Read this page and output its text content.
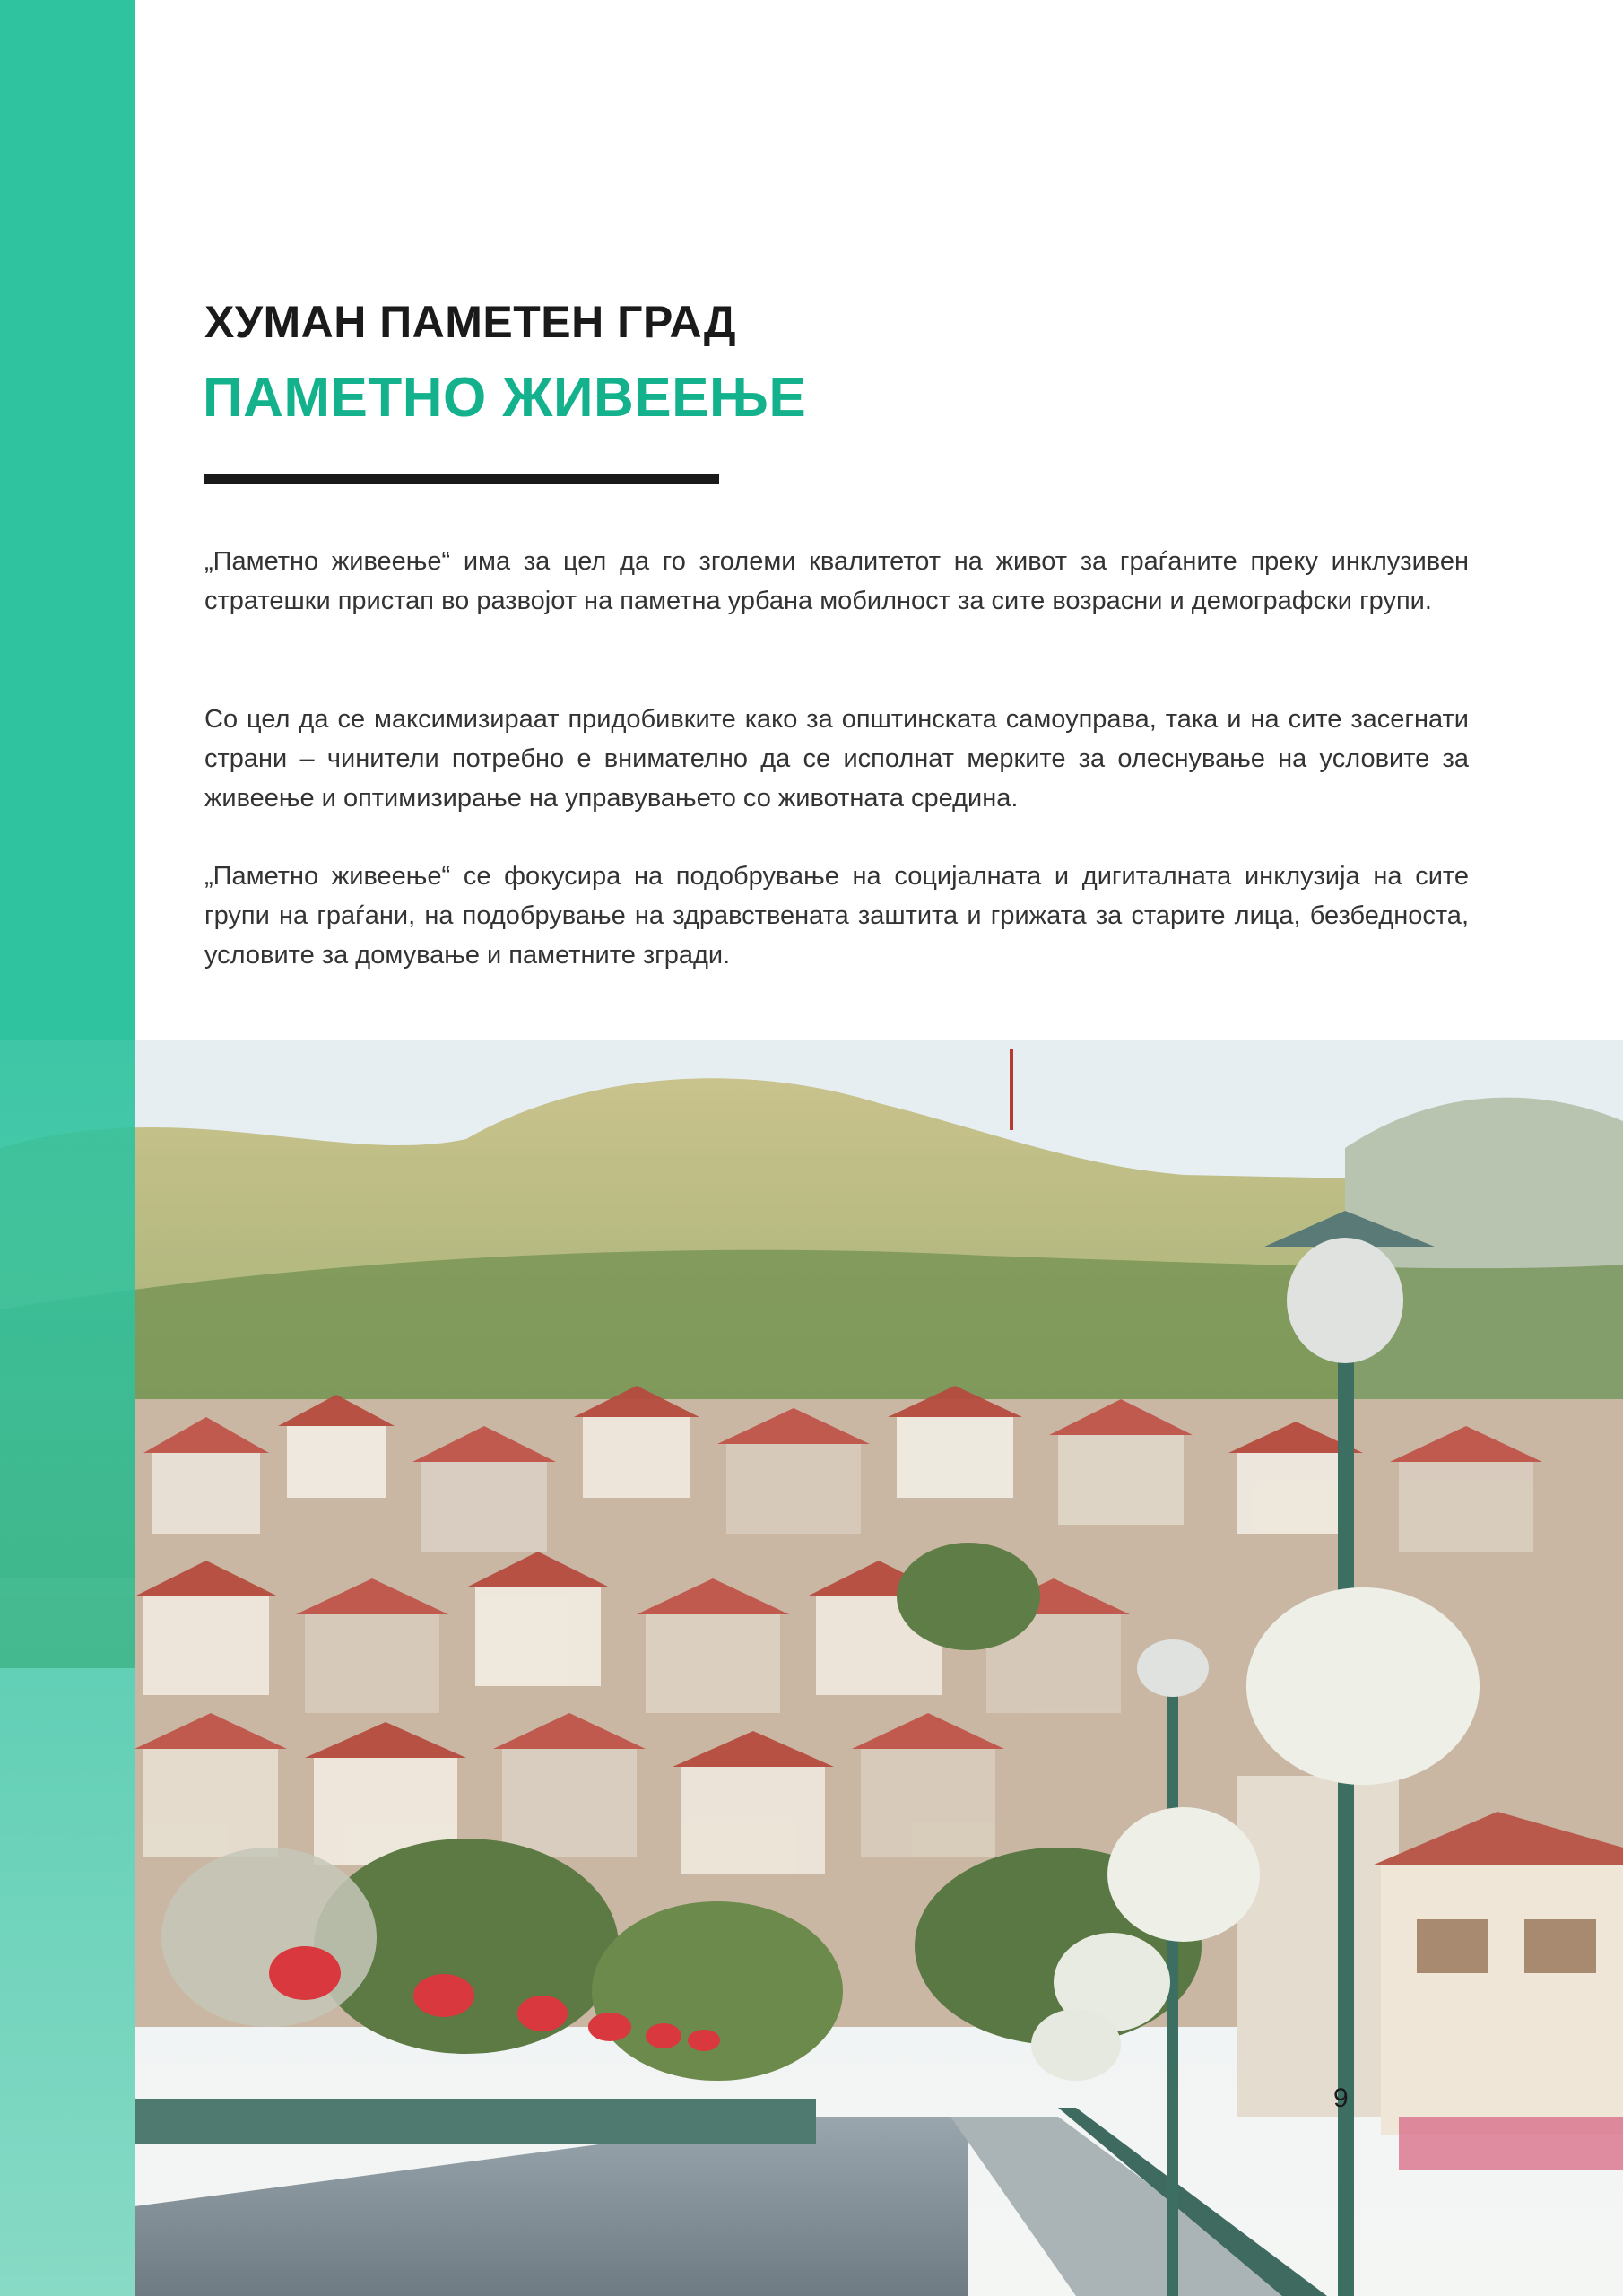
ХУМАН ПАМЕТЕН ГРАД
ПАМЕТНО ЖИВЕЕЊЕ

„Паметно живеење“ има за цел да го зголеми квалитетот на живот за граѓаните преку инклузивен стратешки пристап во развојот на паметна урбана мобилност за сите возрасни и демографски групи.

Со цел да се максимизираат придобивките како за општинската самоуправа, така и на сите засегнати страни – чинители потребно е внимателно да се исполнат мерките за олеснување на условите за живеење и оптимизирање на управувањето со животната средина.

„Паметно живеење“ се фокусира на подобрување на социјалната и дигиталната инклузија на сите групи на граѓани, на подобрување на здравствената заштита и грижата за старите лица, безбедноста, условите за домување и паметните згради.

9
